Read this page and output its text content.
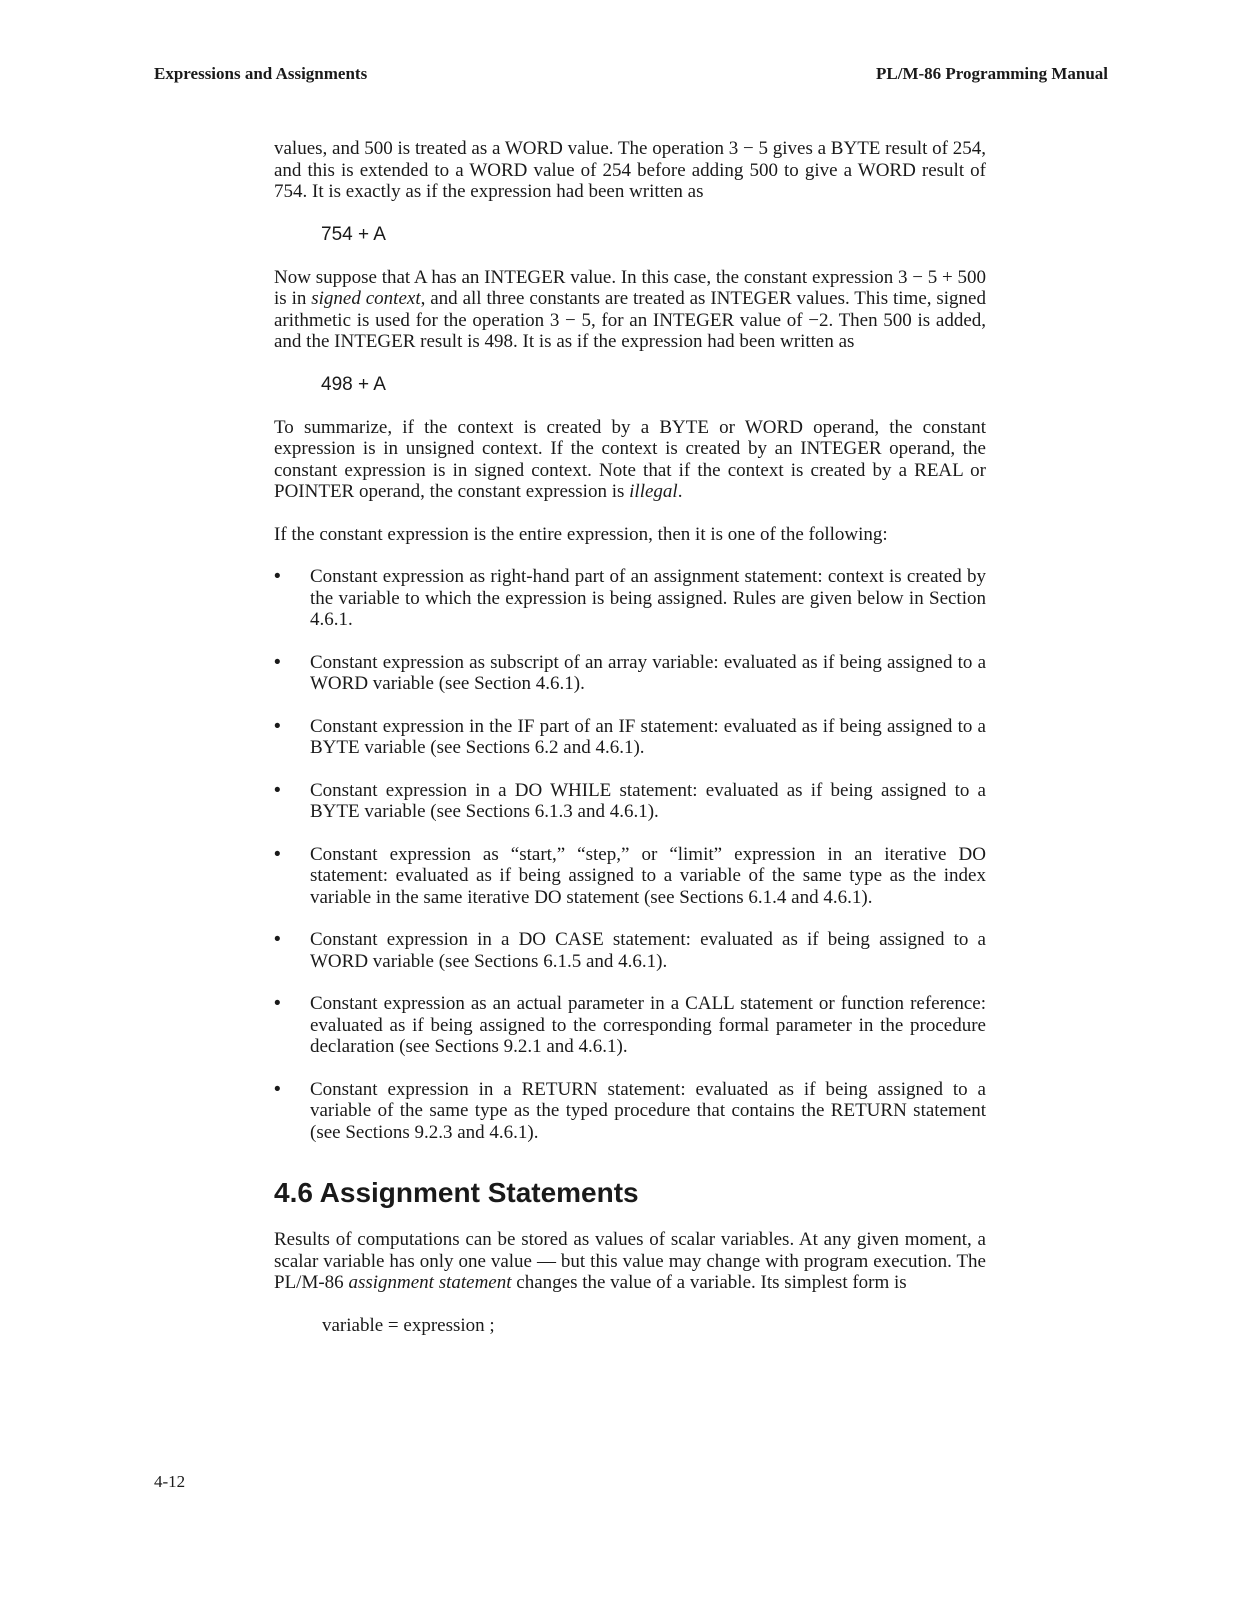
Expressions and Assignments	PL/M-86 Programming Manual

values, and 500 is treated as a WORD value. The operation 3 − 5 gives a BYTE result of 254, and this is extended to a WORD value of 254 before adding 500 to give a WORD result of 754. It is exactly as if the expression had been written as

754 + A

Now suppose that A has an INTEGER value. In this case, the constant expression 3 − 5 + 500 is in signed context, and all three constants are treated as INTEGER values. This time, signed arithmetic is used for the operation 3 − 5, for an INTEGER value of −2. Then 500 is added, and the INTEGER result is 498. It is as if the expression had been written as

498 + A

To summarize, if the context is created by a BYTE or WORD operand, the constant expression is in unsigned context. If the context is created by an INTEGER operand, the constant expression is in signed context. Note that if the context is created by a REAL or POINTER operand, the constant expression is illegal.

If the constant expression is the entire expression, then it is one of the following:

• Constant expression as right-hand part of an assignment statement: context is created by the variable to which the expression is being assigned. Rules are given below in Section 4.6.1.
• Constant expression as subscript of an array variable: evaluated as if being assigned to a WORD variable (see Section 4.6.1).
• Constant expression in the IF part of an IF statement: evaluated as if being assigned to a BYTE variable (see Sections 6.2 and 4.6.1).
• Constant expression in a DO WHILE statement: evaluated as if being assigned to a BYTE variable (see Sections 6.1.3 and 4.6.1).
• Constant expression as “start,” “step,” or “limit” expression in an iterative DO statement: evaluated as if being assigned to a variable of the same type as the index variable in the same iterative DO statement (see Sections 6.1.4 and 4.6.1).
• Constant expression in a DO CASE statement: evaluated as if being assigned to a WORD variable (see Sections 6.1.5 and 4.6.1).
• Constant expression as an actual parameter in a CALL statement or function reference: evaluated as if being assigned to the corresponding formal parameter in the procedure declaration (see Sections 9.2.1 and 4.6.1).
• Constant expression in a RETURN statement: evaluated as if being assigned to a variable of the same type as the typed procedure that contains the RETURN statement (see Sections 9.2.3 and 4.6.1).
4.6 Assignment Statements

Results of computations can be stored as values of scalar variables. At any given moment, a scalar variable has only one value — but this value may change with program execution. The PL/M-86 assignment statement changes the value of a variable. Its simplest form is

variable = expression ;
4-12
